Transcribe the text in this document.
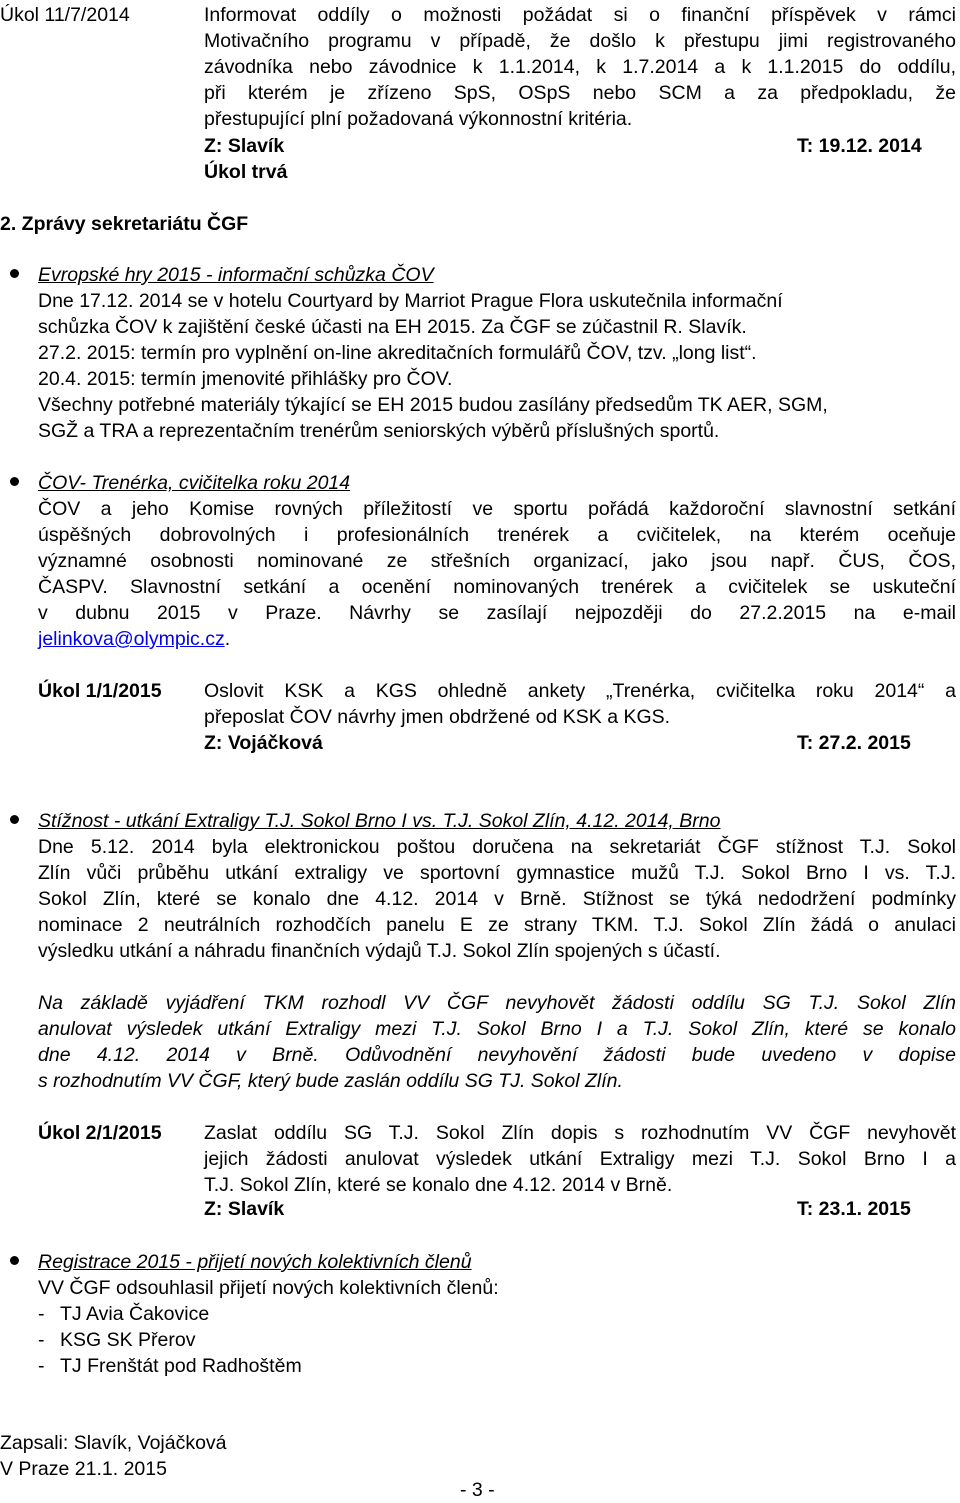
Úkol 11/7/2014	Informovat oddíly o možnosti požádat si o finanční příspěvek v rámci
Motivačního programu v případě, že došlo k přestupu jimi registrovaného
závodníka nebo závodnice k 1.1.2014, k 1.7.2014 a k 1.1.2015 do oddílu,
při kterém je zřízeno SpS, OSpS nebo SCM a za předpokladu, že
přestupující plní požadovaná výkonnostní kritéria.
Z: Slavík	T: 19.12. 2014
Úkol trvá
2. Zprávy sekretariátu ČGF
Evropské hry 2015 - informační schůzka ČOV
Dne 17.12. 2014 se v hotelu Courtyard by Marriot Prague Flora uskutečnila informační
schůzka ČOV k zajištění české účasti na EH 2015. Za ČGF se zúčastnil R. Slavík.
27.2. 2015: termín pro vyplnění on-line akreditačních formulářů ČOV, tzv. „long list“.
20.4. 2015: termín jmenovité přihlášky pro ČOV.
Všechny potřebné materiály týkající se EH 2015 budou zasílány předsedům TK AER, SGM,
SGŽ a TRA a reprezentačním trenérům seniorských výběrů příslušných sportů.
ČOV- Trenérka, cvičitelka roku 2014
ČOV a jeho Komise rovných příležitostí ve sportu pořádá každoroční slavnostní setkání
úspěšných dobrovolných i profesionálních trenérek a cvičitelek, na kterém oceňuje
významné osobnosti nominované ze střešních organizací, jako jsou např. ČUS, ČOS,
ČASPV. Slavnostní setkání a ocenění nominovaných trenérek a cvičitelek se uskuteční
v dubnu 2015 v Praze. Návrhy se zasílají nejpozději do 27.2.2015 na e-mail
jelinkova@olympic.cz.
Úkol 1/1/2015 Oslovit KSK a KGS ohledně ankety „Trenérka, cvičitelka roku 2014“ a
přeposlat ČOV návrhy jmen obdržené od KSK a KGS.
Z: Vojáčková	T: 27.2. 2015
Stížnost - utkání Extraligy T.J. Sokol Brno I vs. T.J. Sokol Zlín, 4.12. 2014, Brno
Dne 5.12. 2014 byla elektronickou poštou doručena na sekretariát ČGF stížnost T.J. Sokol
Zlín vůči průběhu utkání extraligy ve sportovní gymnastice mužů T.J. Sokol Brno I vs. T.J.
Sokol Zlín, které se konalo dne 4.12. 2014 v Brně. Stížnost se týká nedodržení podmínky
nominace 2 neutrálních rozhodčích panelu E ze strany TKM. T.J. Sokol Zlín žádá o anulaci
výsledku utkání a náhradu finančních výdajů T.J. Sokol Zlín spojených s účastí.
Na základě vyjádření TKM rozhodl VV ČGF nevyhovět žádosti oddílu SG T.J. Sokol Zlín
anulovat výsledek utkání Extraligy mezi T.J. Sokol Brno I a T.J. Sokol Zlín, které se konalo
dne 4.12. 2014 v Brně. Odůvodnění nevyhovění žádosti bude uvedeno v dopise
s rozhodnutím VV ČGF, který bude zaslán oddílu SG TJ. Sokol Zlín.
Úkol 2/1/2015 Zaslat oddílu SG T.J. Sokol Zlín dopis s rozhodnutím VV ČGF nevyhovět
jejich žádosti anulovat výsledek utkání Extraligy mezi T.J. Sokol Brno I a
T.J. Sokol Zlín, které se konalo dne 4.12. 2014 v Brně.
Z: Slavík	T: 23.1. 2015
Registrace 2015 - přijetí nových kolektivních členů
VV ČGF odsouhlasil přijetí nových kolektivních členů:
- TJ Avia Čakovice
- KSG SK Přerov
- TJ Frenštát pod Radhoštěm
Zapsali: Slavík, Vojáčková
V Praze 21.1. 2015
- 3 -
